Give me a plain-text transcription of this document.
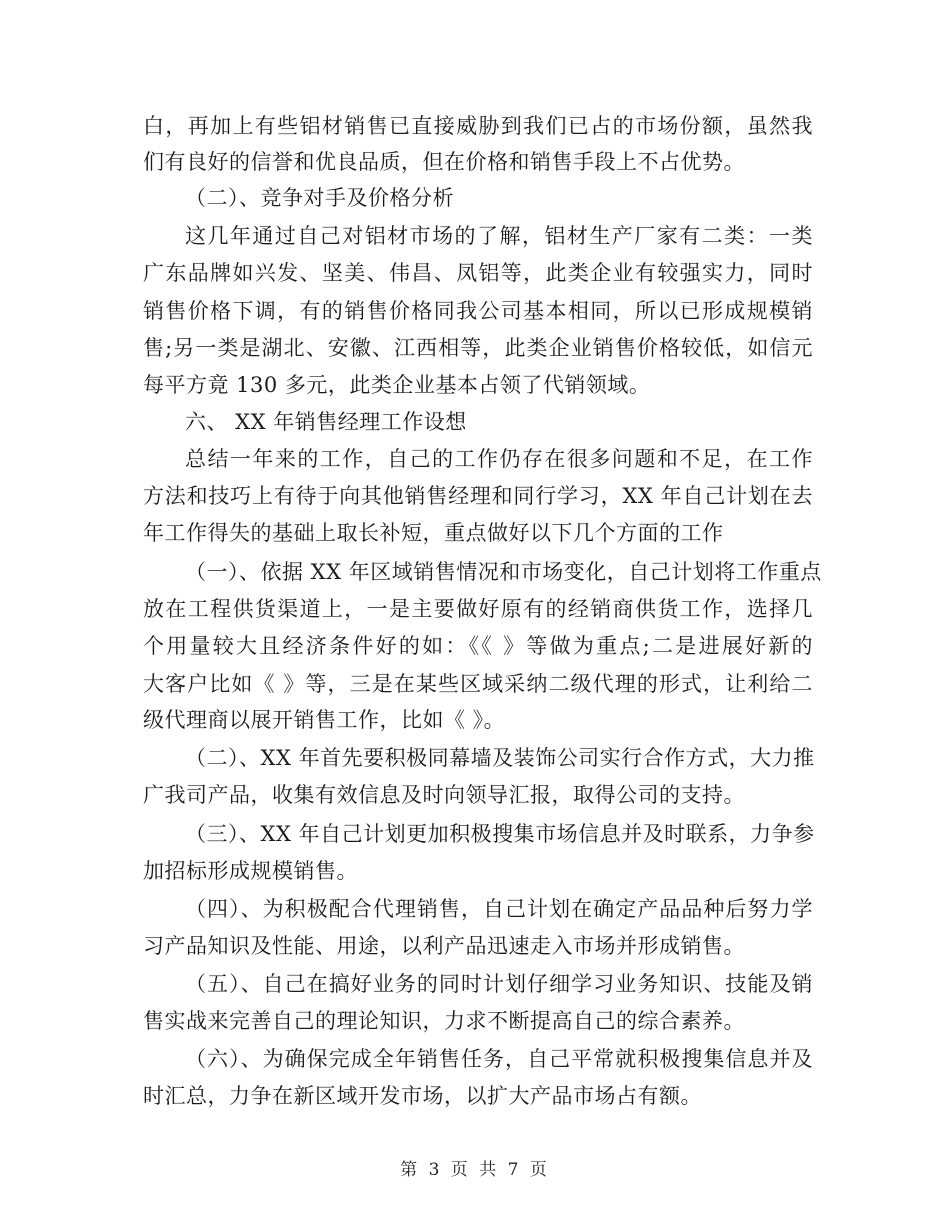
白，再加上有些铝材销售已直接威胁到我们已占的市场份额，虽然我
们有良好的信誉和优良品质，但在价格和销售手段上不占优势。
（二）、竞争对手及价格分析
这几年通过自己对铝材市场的了解，铝材生产厂家有二类：一类
广东品牌如兴发、坚美、伟昌、凤铝等，此类企业有较强实力，同时
销售价格下调，有的销售价格同我公司基本相同，所以已形成规模销
售;另一类是湖北、安徽、江西相等，此类企业销售价格较低，如信元
每平方竟 130 多元，此类企业基本占领了代销领域。
六、 XX 年销售经理工作设想
总结一年来的工作，自己的工作仍存在很多问题和不足，在工作
方法和技巧上有待于向其他销售经理和同行学习，XX 年自己计划在去
年工作得失的基础上取长补短，重点做好以下几个方面的工作
（一）、依据 XX 年区域销售情况和市场变化，自己计划将工作重点
放在工程供货渠道上，一是主要做好原有的经销商供货工作，选择几
个用量较大且经济条件好的如：《《 》等做为重点;二是进展好新的
大客户比如《 》等，三是在某些区域采纳二级代理的形式，让利给二
级代理商以展开销售工作，比如《 》。
（二）、XX 年首先要积极同幕墙及装饰公司实行合作方式，大力推
广我司产品，收集有效信息及时向领导汇报，取得公司的支持。
（三）、XX 年自己计划更加积极搜集市场信息并及时联系，力争参
加招标形成规模销售。
（四）、为积极配合代理销售，自己计划在确定产品品种后努力学
习产品知识及性能、用途，以利产品迅速走入市场并形成销售。
（五）、自己在搞好业务的同时计划仔细学习业务知识、技能及销
售实战来完善自己的理论知识，力求不断提高自己的综合素养。
（六）、为确保完成全年销售任务，自己平常就积极搜集信息并及
时汇总，力争在新区域开发市场，以扩大产品市场占有额。
第 3 页 共 7 页
